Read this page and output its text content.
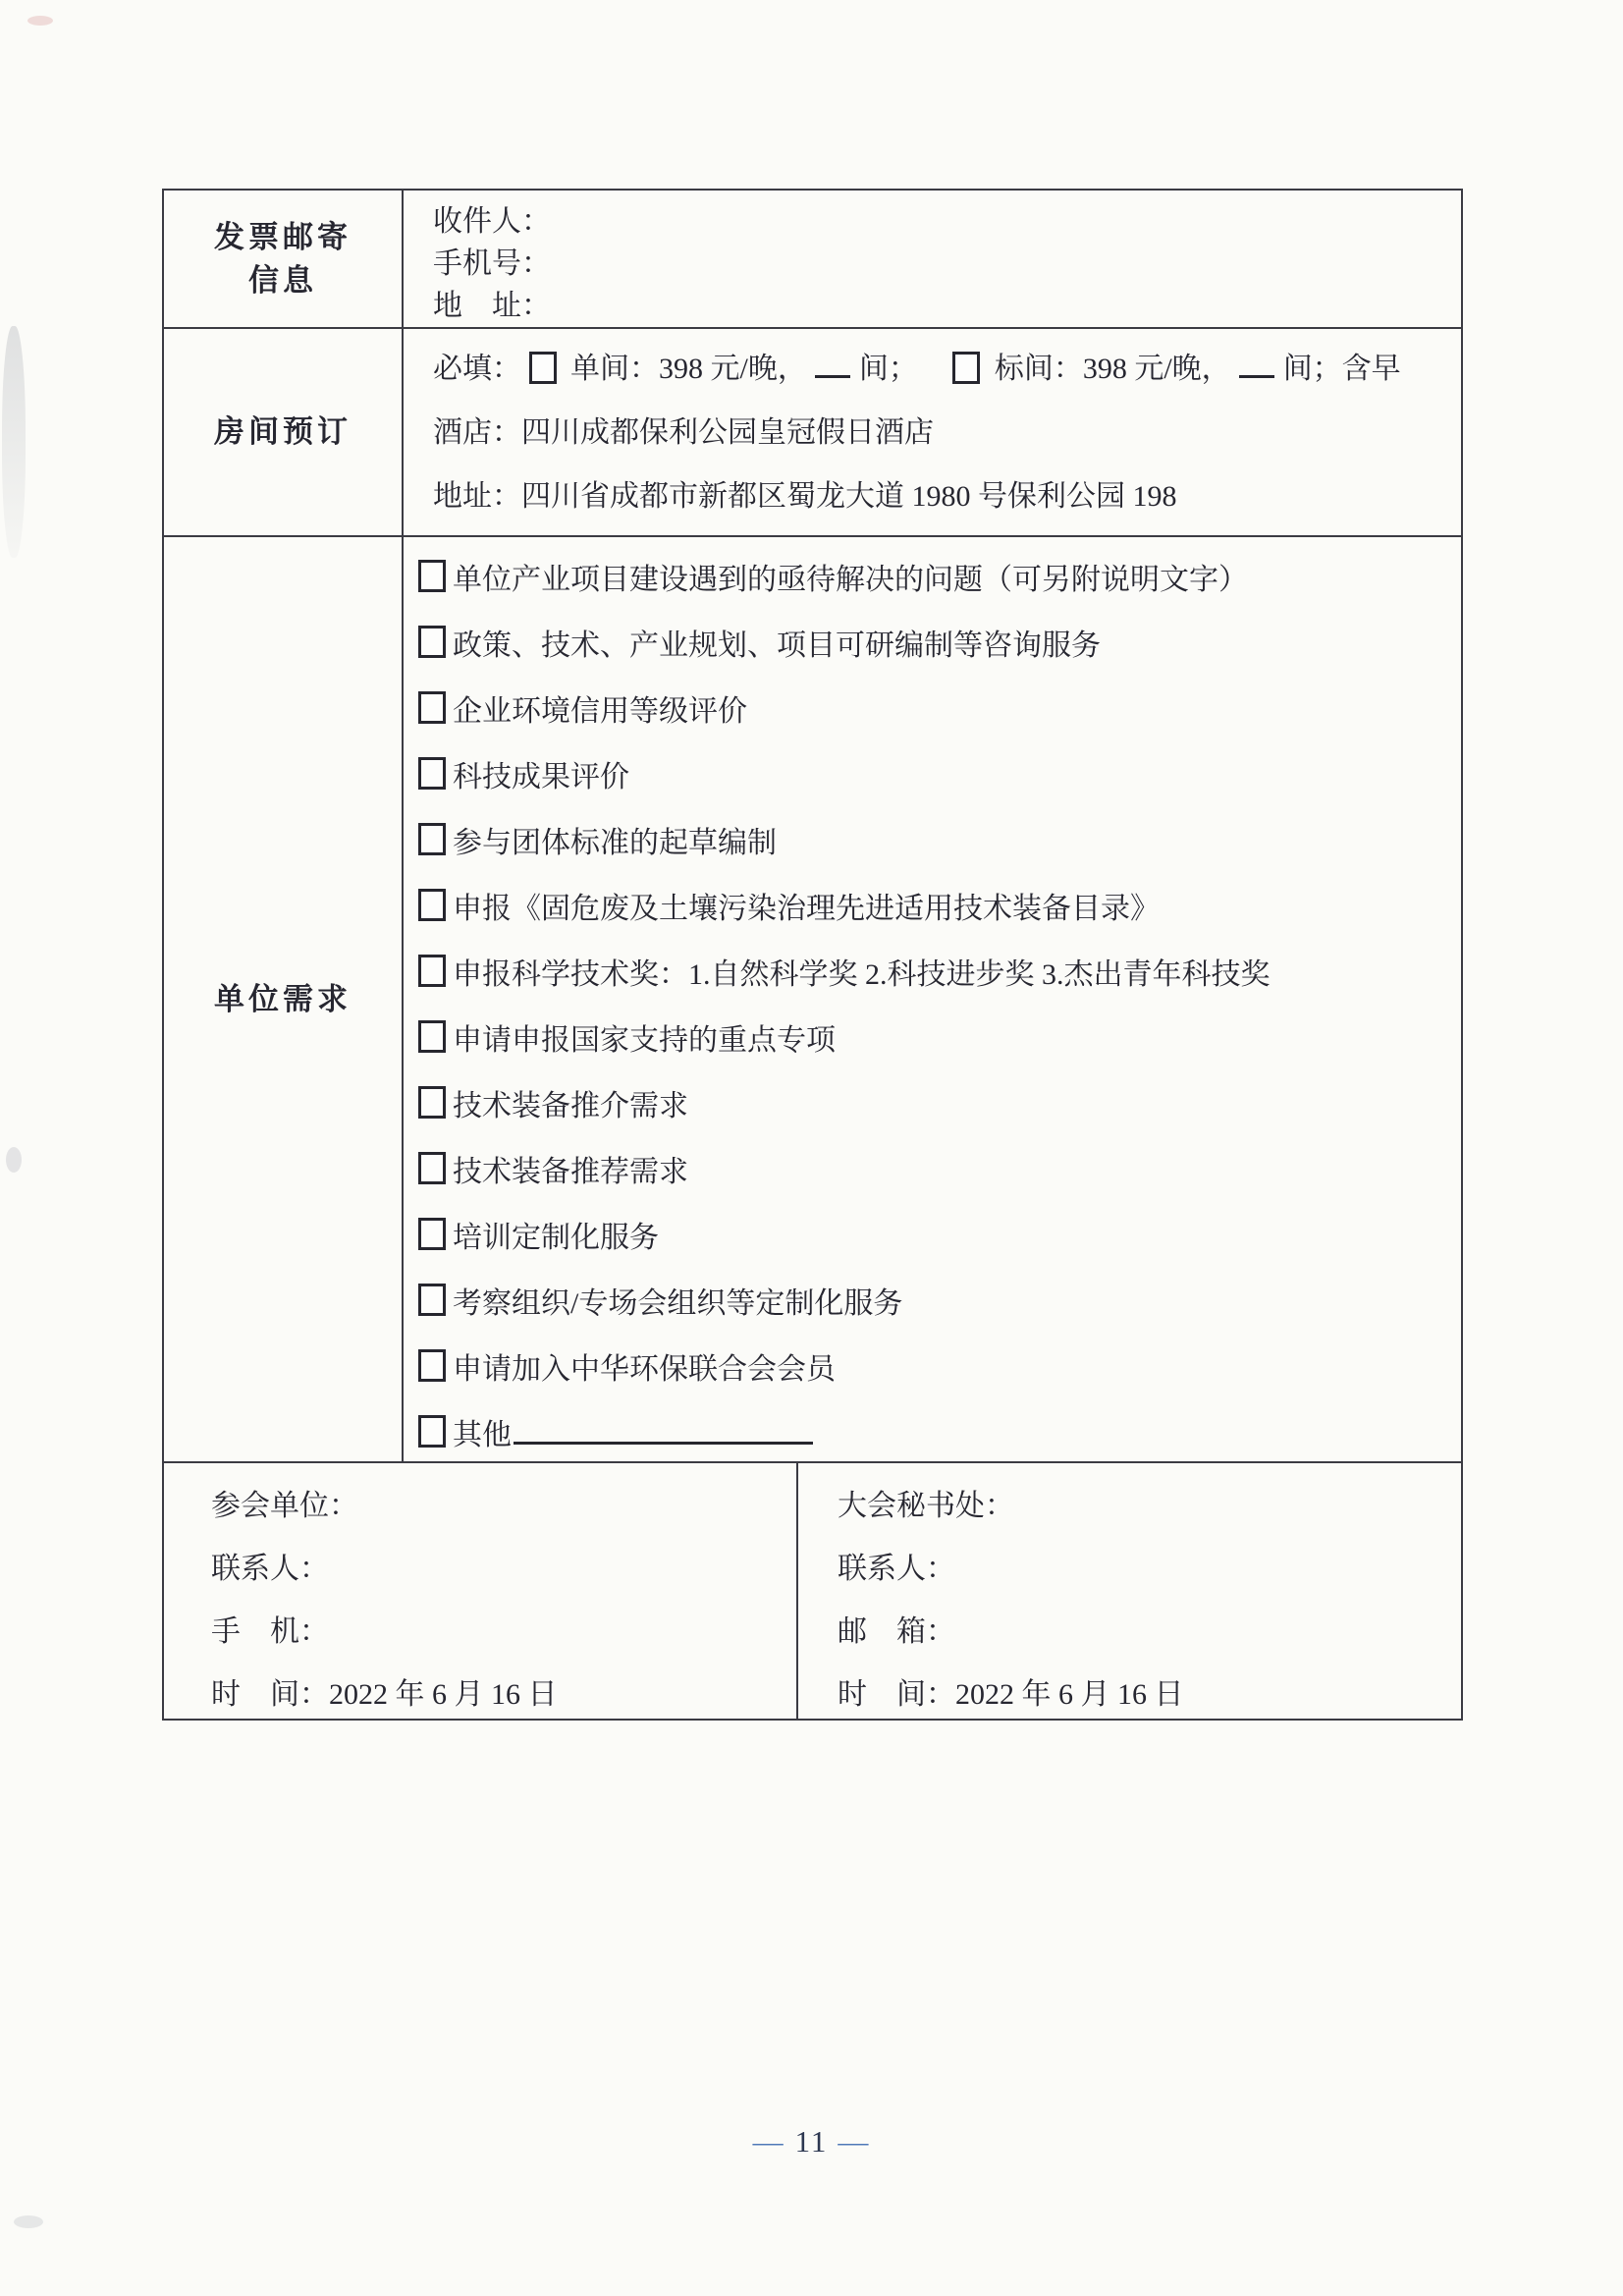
发票邮寄
信息
收件人：
手机号：
地　址：
房间预订
必填： 单间：398 元/晚， 间；	标间：398 元/晚， 间；含早
酒店：四川成都保利公园皇冠假日酒店
地址：四川省成都市新都区蜀龙大道 1980 号保利公园 198
单位需求
单位产业项目建设遇到的亟待解决的问题（可另附说明文字）
政策、技术、产业规划、项目可研编制等咨询服务
企业环境信用等级评价
科技成果评价
参与团体标准的起草编制
申报《固危废及土壤污染治理先进适用技术装备目录》
申报科学技术奖：1.自然科学奖 2.科技进步奖 3.杰出青年科技奖
申请申报国家支持的重点专项
技术装备推介需求
技术装备推荐需求
培训定制化服务
考察组织/专场会组织等定制化服务
申请加入中华环保联合会会员
其他
参会单位：
联系人：
手　机：
时　间：2022 年 6 月 16 日
大会秘书处：
联系人：
邮　箱：
时　间：2022 年 6 月 16 日
— 11 —
